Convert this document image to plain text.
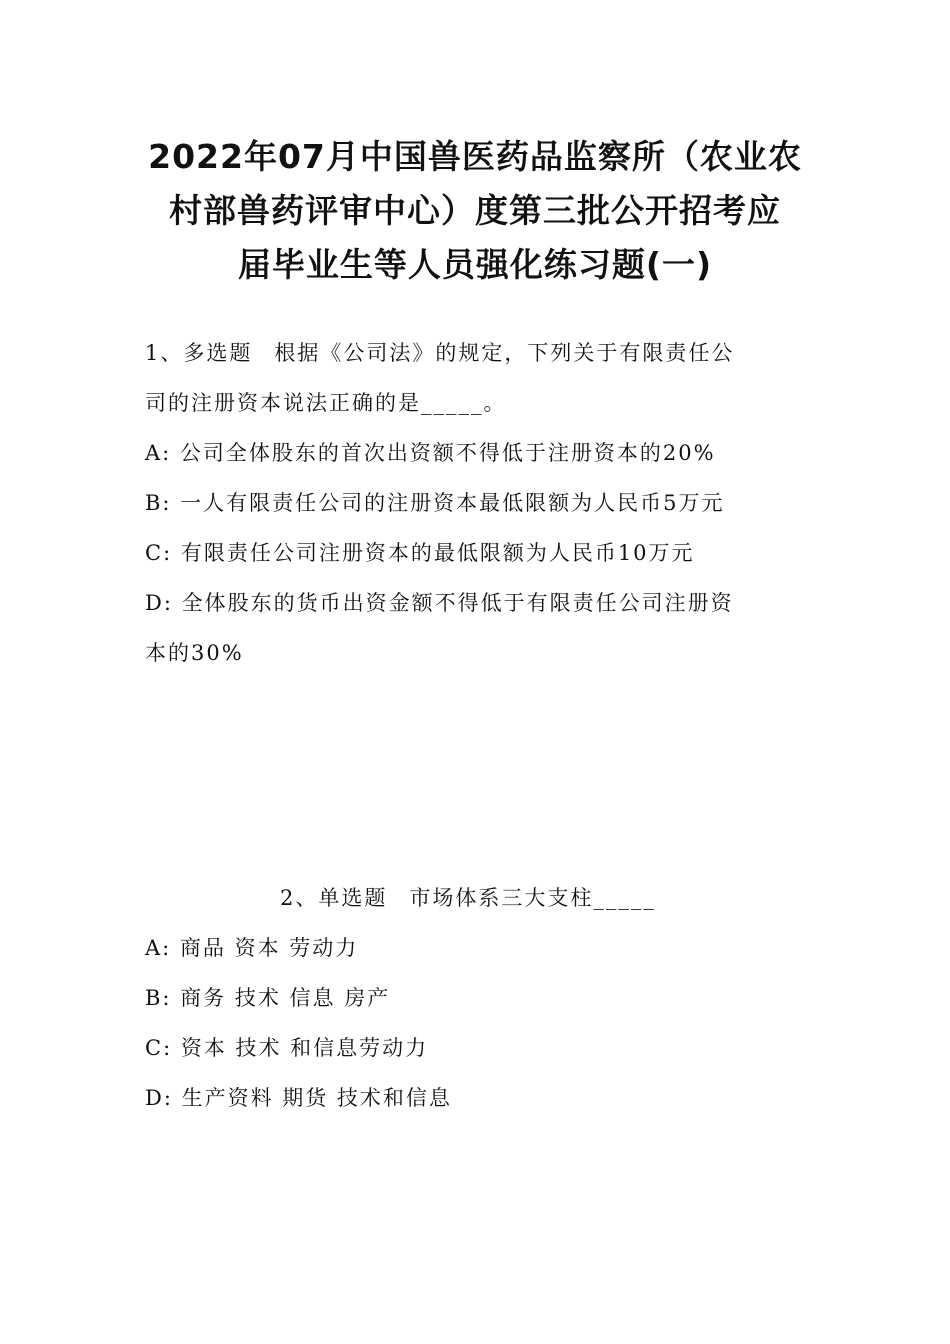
2022年07月中国兽医药品监察所（农业农
村部兽药评审中心）度第三批公开招考应
届毕业生等人员强化练习题(一)
1、多选题 根据《公司法》的规定，下列关于有限责任公
司的注册资本说法正确的是_____。
A: 公司全体股东的首次出资额不得低于注册资本的20%
B: 一人有限责任公司的注册资本最低限额为人民币5万元
C: 有限责任公司注册资本的最低限额为人民币10万元
D: 全体股东的货币出资金额不得低于有限责任公司注册资
本的30%
2、单选题 市场体系三大支柱_____
A: 商品 资本 劳动力
B: 商务 技术 信息 房产
C: 资本 技术 和信息劳动力
D: 生产资料 期货 技术和信息
